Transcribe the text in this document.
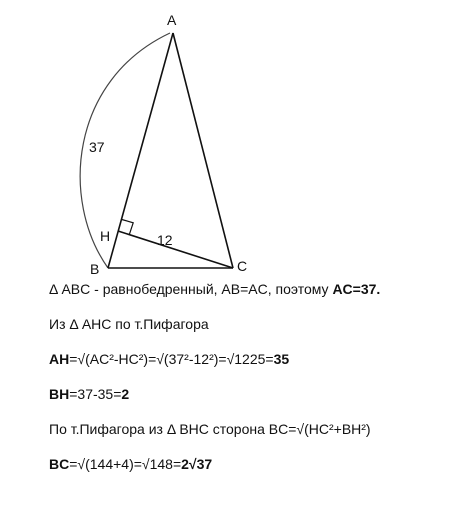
A
B	C
H
37
12
Δ ABC - равнобедренный, AB=AC, поэтому AC=37.
Из Δ AHC по т.Пифагора
AH=√(AC²-HC²)=√(37²-12²)=√1225=35
BH=37-35=2
По т.Пифагора из Δ BHC сторона BC=√(HC²+BH²)
BC=√(144+4)=√148=2√37
